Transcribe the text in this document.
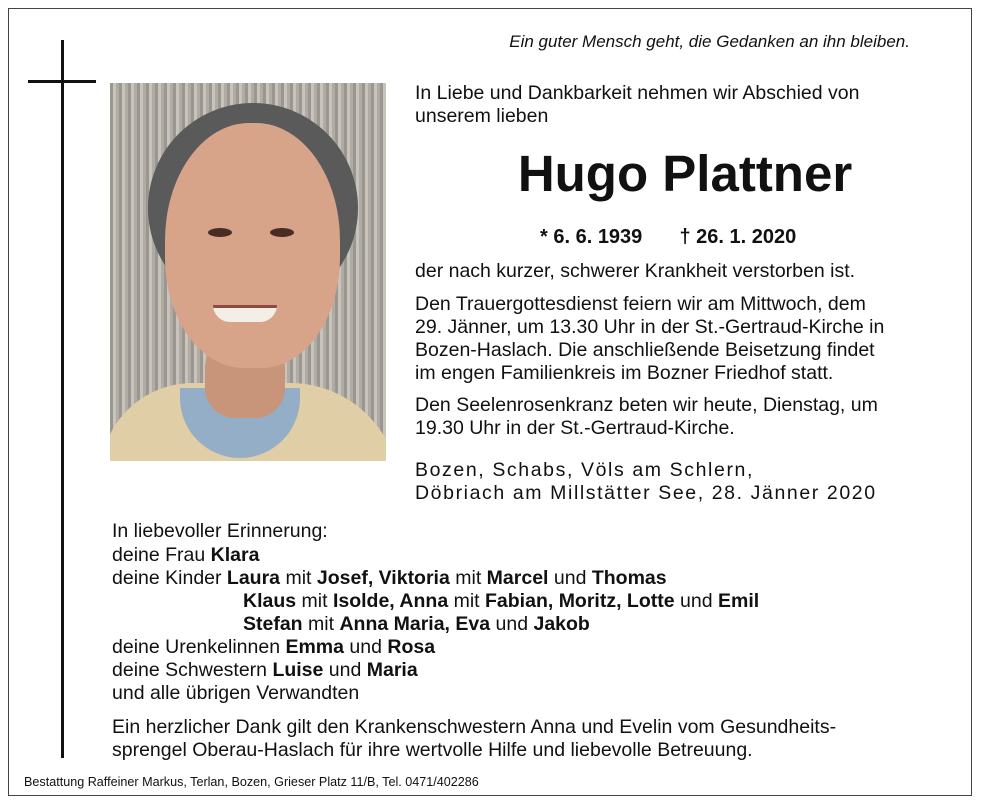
Ein guter Mensch geht, die Gedanken an ihn bleiben.

In Liebe und Dankbarkeit nehmen wir Abschied von

unserem lieben

Hugo Plattner
* 6. 6. 1939 † 26. 1. 2020

der nach kurzer, schwerer Krankheit verstorben ist.

Den Trauergottesdienst feiern wir am Mittwoch, dem

29. Jänner, um 13.30 Uhr in der St.-Gertraud-Kirche in

Bozen-Haslach. Die anschließende Beisetzung findet

im engen Familienkreis im Bozner Friedhof statt.

Den Seelenrosenkranz beten wir heute, Dienstag, um

19.30 Uhr in der St.-Gertraud-Kirche.

Bozen, Schabs, Völs am Schlern,

Döbriach am Millstätter See, 28. Jänner 2020

In liebevoller Erinnerung:

deine Frau Klara

deine Kinder Laura mit Josef, Viktoria mit Marcel und Thomas

Klaus mit Isolde, Anna mit Fabian, Moritz, Lotte und Emil

Stefan mit Anna Maria, Eva und Jakob

deine Urenkelinnen Emma und Rosa

deine Schwestern Luise und Maria

und alle übrigen Verwandten

Ein herzlicher Dank gilt den Krankenschwestern Anna und Evelin vom Gesundheits-

sprengel Oberau-Haslach für ihre wertvolle Hilfe und liebevolle Betreuung.

Bestattung Raffeiner Markus, Terlan, Bozen, Grieser Platz 11/B, Tel. 0471/402286
